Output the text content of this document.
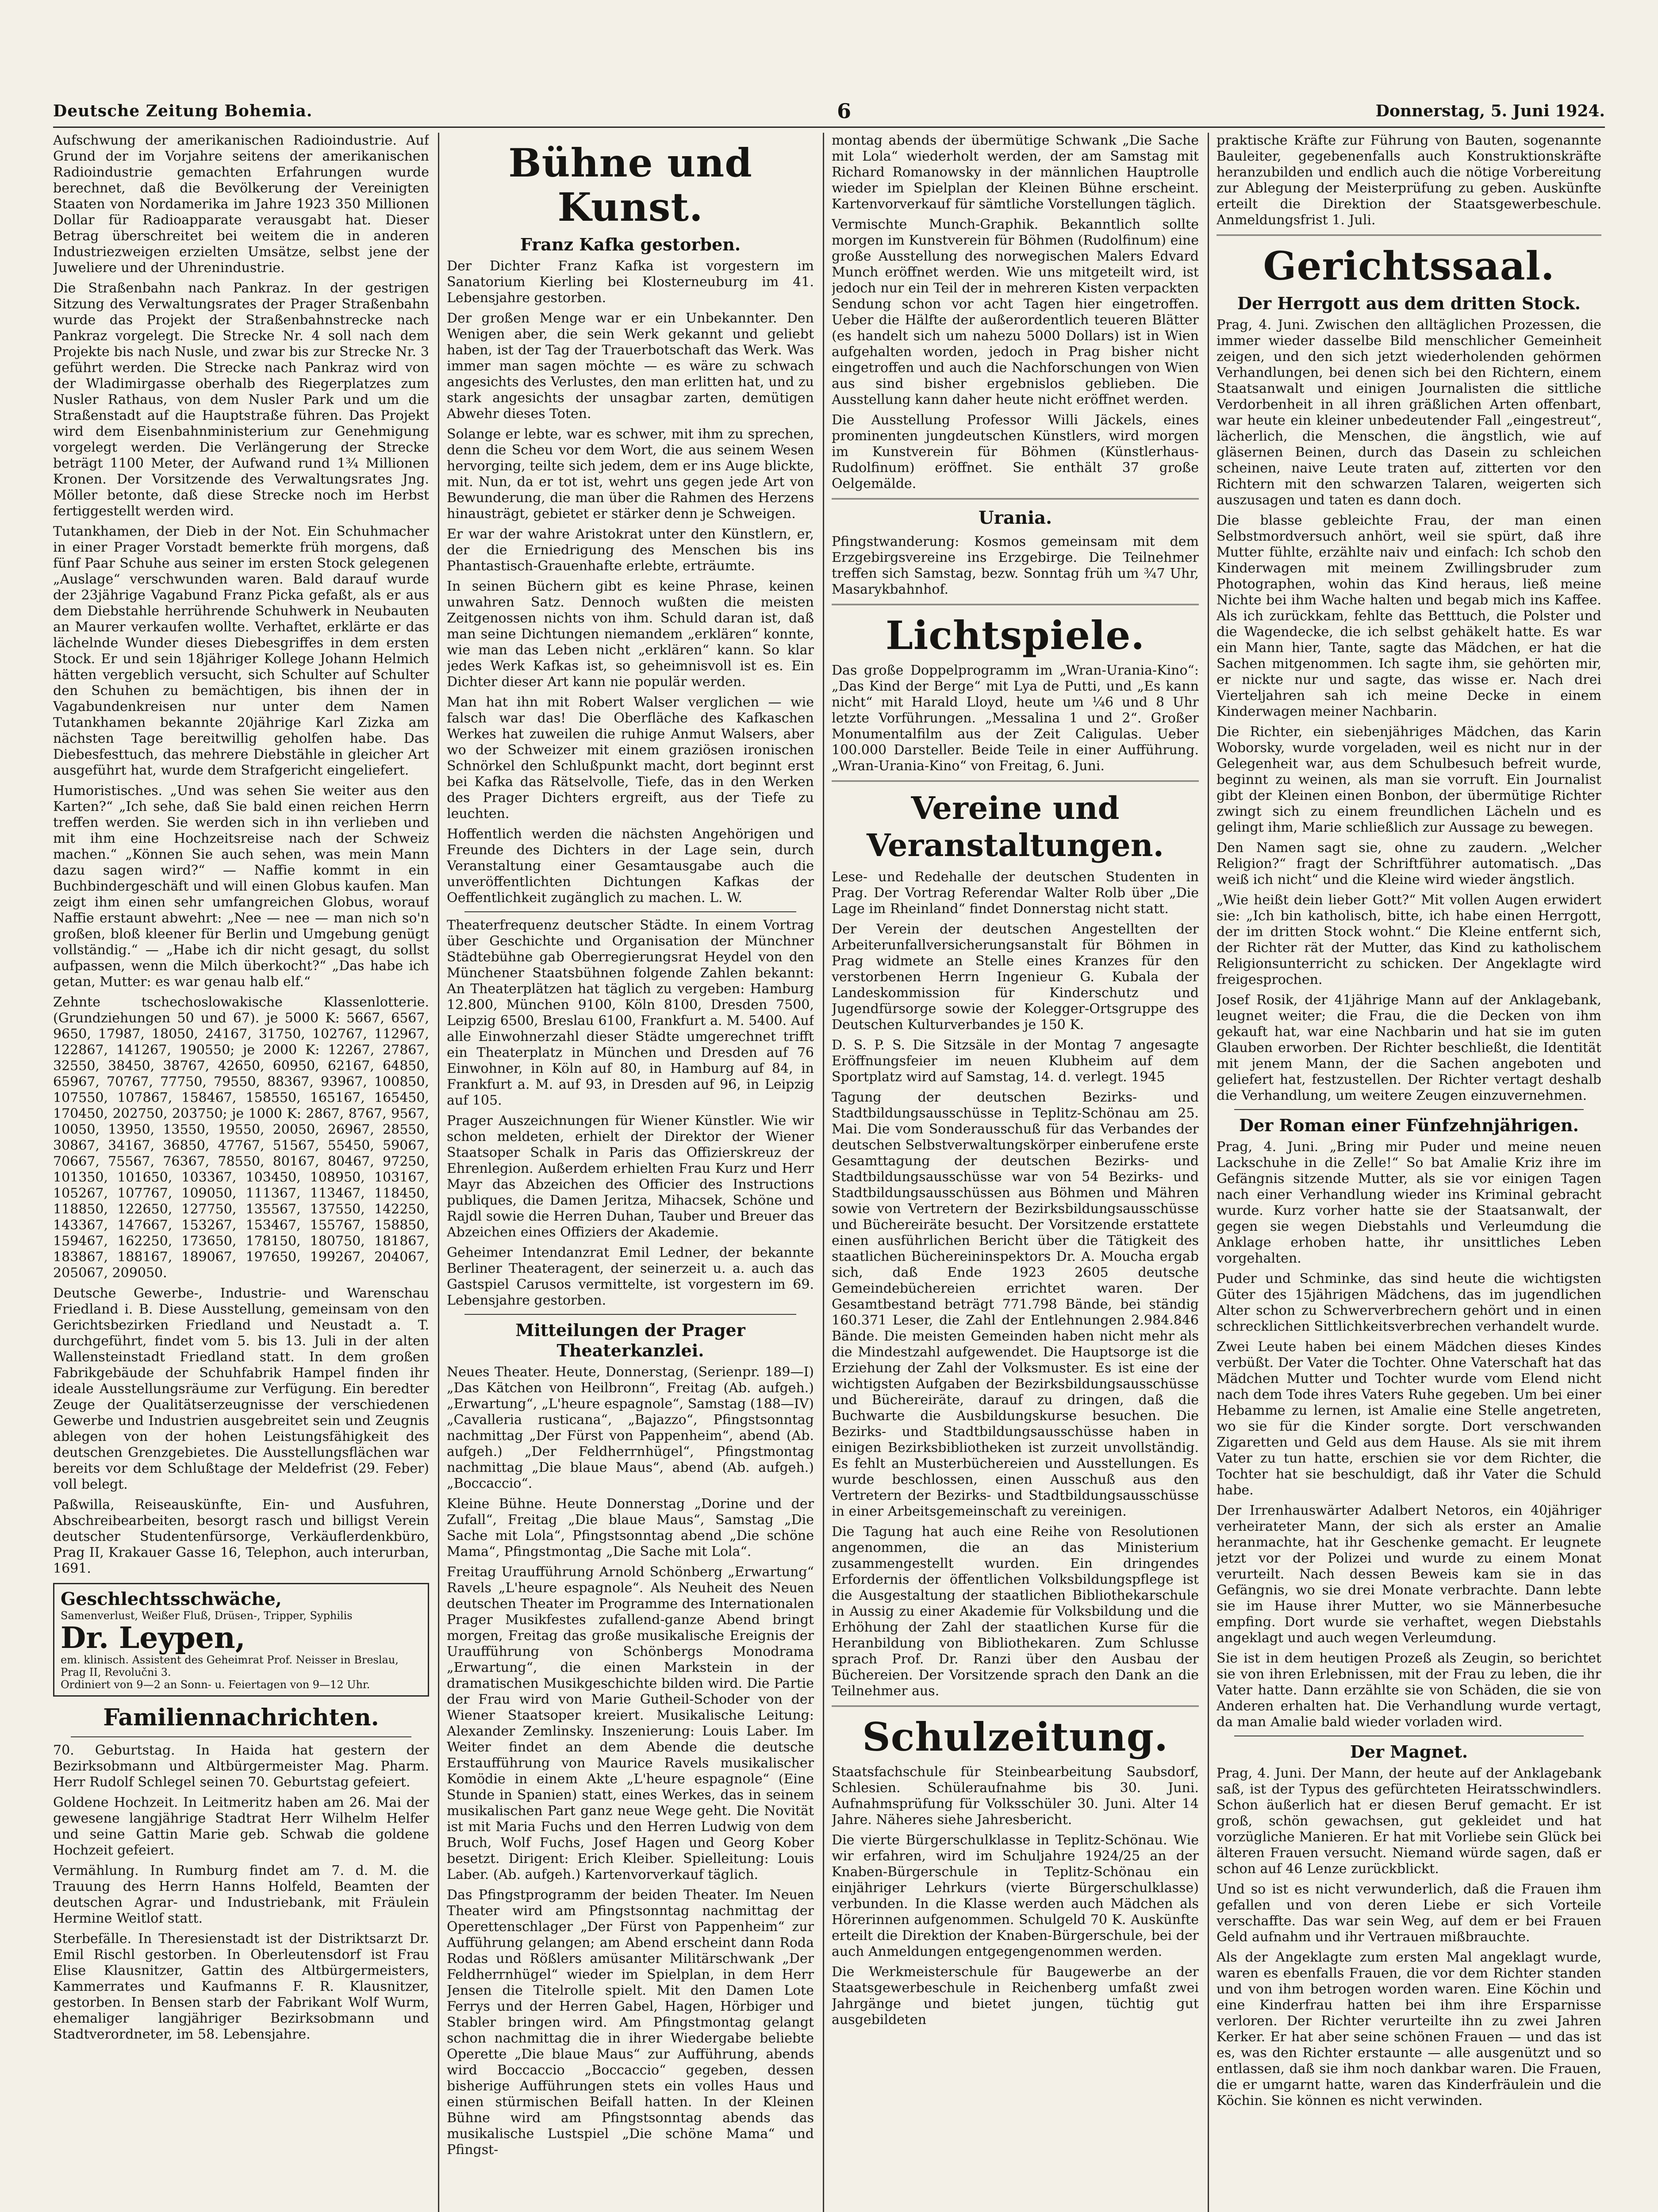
Deutsche Zeitung Bohemia.	6	Donnerstag, 5. Juni 1924.

Aufschwung der amerikanischen Radioindustrie. Auf Grund der im Vorjahre seitens der amerikanischen Radioindustrie gemachten Erfahrungen wurde berechnet, daß die Bevölkerung der Vereinigten Staaten von Nordamerika im Jahre 1923 350 Millionen Dollar für Radioapparate verausgabt hat. Dieser Betrag überschreitet bei weitem die in anderen Industriezweigen erzielten Umsätze, selbst jene der Juweliere und der Uhrenindustrie.

Die Straßenbahn nach Pankraz. In der gestrigen Sitzung des Verwaltungsrates der Prager Straßenbahn wurde das Projekt der Straßenbahnstrecke nach Pankraz vorgelegt. Die Strecke Nr. 4 soll nach dem Projekte bis nach Nusle, und zwar bis zur Strecke Nr. 3 geführt werden. Die Strecke nach Pankraz wird von der Wladimirgasse oberhalb des Riegerplatzes zum Nusler Rathaus, von dem Nusler Park und um die Straßenstadt auf die Hauptstraße führen. Das Projekt wird dem Eisenbahnministerium zur Genehmigung vorgelegt werden. Die Verlängerung der Strecke beträgt 1100 Meter, der Aufwand rund 1¾ Millionen Kronen. Der Vorsitzende des Verwaltungsrates Jng. Möller betonte, daß diese Strecke noch im Herbst fertiggestellt werden wird.

Tutankhamen, der Dieb in der Not. Ein Schuhmacher in einer Prager Vorstadt bemerkte früh morgens, daß fünf Paar Schuhe aus seiner im ersten Stock gelegenen „Auslage“ verschwunden waren. Bald darauf wurde der 23jährige Vagabund Franz Picka gefaßt, als er aus dem Diebstahle herrührende Schuhwerk in Neubauten an Maurer verkaufen wollte. Verhaftet, erklärte er das lächelnde Wunder dieses Diebesgriffes in dem ersten Stock. Er und sein 18jähriger Kollege Johann Helmich hätten vergeblich versucht, sich Schulter auf Schulter den Schuhen zu bemächtigen, bis ihnen der in Vagabundenkreisen nur unter dem Namen Tutankhamen bekannte 20jährige Karl Zizka am nächsten Tage bereitwillig geholfen habe. Das Diebesfesttuch, das mehrere Diebstähle in gleicher Art ausgeführt hat, wurde dem Strafgericht eingeliefert.

Humoristisches. „Und was sehen Sie weiter aus den Karten?“ „Ich sehe, daß Sie bald einen reichen Herrn treffen werden. Sie werden sich in ihn verlieben und mit ihm eine Hochzeitsreise nach der Schweiz machen.“ „Können Sie auch sehen, was mein Mann dazu sagen wird?“ — Naffie kommt in ein Buchbindergeschäft und will einen Globus kaufen. Man zeigt ihm einen sehr umfangreichen Globus, worauf Naffie erstaunt abwehrt: „Nee — nee — man nich so'n großen, bloß kleener für Berlin und Umgebung genügt vollständig.“ — „Habe ich dir nicht gesagt, du sollst aufpassen, wenn die Milch überkocht?“ „Das habe ich getan, Mutter: es war genau halb elf.“

Zehnte tschechoslowakische Klassenlotterie. (Grundziehungen 50 und 67). je 5000 K: 5667, 6567, 9650, 17987, 18050, 24167, 31750, 102767, 112967, 122867, 141267, 190550; je 2000 K: 12267, 27867, 32550, 38450, 38767, 42650, 60950, 62167, 64850, 65967, 70767, 77750, 79550, 88367, 93967, 100850, 107550, 107867, 158467, 158550, 165167, 165450, 170450, 202750, 203750; je 1000 K: 2867, 8767, 9567, 10050, 13950, 13550, 19550, 20050, 26967, 28550, 30867, 34167, 36850, 47767, 51567, 55450, 59067, 70667, 75567, 76367, 78550, 80167, 80467, 97250, 101350, 101650, 103367, 103450, 108950, 103167, 105267, 107767, 109050, 111367, 113467, 118450, 118850, 122650, 127750, 135567, 137550, 142250, 143367, 147667, 153267, 153467, 155767, 158850, 159467, 162250, 173650, 178150, 180750, 181867, 183867, 188167, 189067, 197650, 199267, 204067, 205067, 209050.

Deutsche Gewerbe-, Industrie- und Warenschau Friedland i. B. Diese Ausstellung, gemeinsam von den Gerichtsbezirken Friedland und Neustadt a. T. durchgeführt, findet vom 5. bis 13. Juli in der alten Wallensteinstadt Friedland statt. In dem großen Fabrikgebäude der Schuhfabrik Hampel finden ihr ideale Ausstellungsräume zur Verfügung. Ein beredter Zeuge der Qualitätserzeugnisse der verschiedenen Gewerbe und Industrien ausgebreitet sein und Zeugnis ablegen von der hohen Leistungsfähigkeit des deutschen Grenzgebietes. Die Ausstellungsflächen war bereits vor dem Schlußtage der Meldefrist (29. Feber) voll belegt.

Paßwilla, Reiseauskünfte, Ein- und Ausfuhren, Abschreibearbeiten, besorgt rasch und billigst Verein deutscher Studentenfürsorge, Verkäuflerdenkbüro, Prag II, Krakauer Gasse 16, Telephon, auch interurban, 1691.

Geschlechtsschwäche,
Samenverlust, Weißer Fluß, Drüsen-, Tripper, Syphilis
Dr. Leypen,
em. klinisch. Assistent des Geheimrat Prof. Neisser in Breslau, Prag II, Revolučni 3.
Ordiniert von 9—2 an Sonn- u. Feiertagen von 9—12 Uhr.
Familiennachrichten.

70. Geburtstag. In Haida hat gestern der Bezirksobmann und Altbürgermeister Mag. Pharm. Herr Rudolf Schlegel seinen 70. Geburtstag gefeiert.

Goldene Hochzeit. In Leitmeritz haben am 26. Mai der gewesene langjährige Stadtrat Herr Wilhelm Helfer und seine Gattin Marie geb. Schwab die goldene Hochzeit gefeiert.

Vermählung. In Rumburg findet am 7. d. M. die Trauung des Herrn Hanns Holfeld, Beamten der deutschen Agrar- und Industriebank, mit Fräulein Hermine Weitlof statt.

Sterbefälle. In Theresienstadt ist der Distriktsarzt Dr. Emil Rischl gestorben. In Oberleutensdorf ist Frau Elise Klausnitzer, Gattin des Altbürgermeisters, Kammerrates und Kaufmanns F. R. Klausnitzer, gestorben. In Bensen starb der Fabrikant Wolf Wurm, ehemaliger langjähriger Bezirksobmann und Stadtverordneter, im 58. Lebensjahre.

Bühne und Kunst.
Franz Kafka gestorben.

Der Dichter Franz Kafka ist vorgestern im Sanatorium Kierling bei Klosterneuburg im 41. Lebensjahre gestorben.

Der großen Menge war er ein Unbekannter. Den Wenigen aber, die sein Werk gekannt und geliebt haben, ist der Tag der Trauerbotschaft das Werk. Was immer man sagen möchte — es wäre zu schwach angesichts des Verlustes, den man erlitten hat, und zu stark angesichts der unsagbar zarten, demütigen Abwehr dieses Toten.

Solange er lebte, war es schwer, mit ihm zu sprechen, denn die Scheu vor dem Wort, die aus seinem Wesen hervorging, teilte sich jedem, dem er ins Auge blickte, mit. Nun, da er tot ist, wehrt uns gegen jede Art von Bewunderung, die man über die Rahmen des Herzens hinausträgt, gebietet er stärker denn je Schweigen.

Er war der wahre Aristokrat unter den Künstlern, er, der die Erniedrigung des Menschen bis ins Phantastisch-Grauenhafte erlebte, erträumte.

In seinen Büchern gibt es keine Phrase, keinen unwahren Satz. Dennoch wußten die meisten Zeitgenossen nichts von ihm. Schuld daran ist, daß man seine Dichtungen niemandem „erklären“ konnte, wie man das Leben nicht „erklären“ kann. So klar jedes Werk Kafkas ist, so geheimnisvoll ist es. Ein Dichter dieser Art kann nie populär werden.

Man hat ihn mit Robert Walser verglichen — wie falsch war das! Die Oberfläche des Kafkaschen Werkes hat zuweilen die ruhige Anmut Walsers, aber wo der Schweizer mit einem graziösen ironischen Schnörkel den Schlußpunkt macht, dort beginnt erst bei Kafka das Rätselvolle, Tiefe, das in den Werken des Prager Dichters ergreift, aus der Tiefe zu leuchten.

Hoffentlich werden die nächsten Angehörigen und Freunde des Dichters in der Lage sein, durch Veranstaltung einer Gesamtausgabe auch die unveröffentlichten Dichtungen Kafkas der Oeffentlichkeit zugänglich zu machen. L. W.

Theaterfrequenz deutscher Städte. In einem Vortrag über Geschichte und Organisation der Münchner Städtebühne gab Oberregierungsrat Heydel von den Münchener Staatsbühnen folgende Zahlen bekannt: An Theaterplätzen hat täglich zu vergeben: Hamburg 12.800, München 9100, Köln 8100, Dresden 7500, Leipzig 6500, Breslau 6100, Frankfurt a. M. 5400. Auf alle Einwohnerzahl dieser Städte umgerechnet trifft ein Theaterplatz in München und Dresden auf 76 Einwohner, in Köln auf 80, in Hamburg auf 84, in Frankfurt a. M. auf 93, in Dresden auf 96, in Leipzig auf 105.

Prager Auszeichnungen für Wiener Künstler. Wie wir schon meldeten, erhielt der Direktor der Wiener Staatsoper Schalk in Paris das Offizierskreuz der Ehrenlegion. Außerdem erhielten Frau Kurz und Herr Mayr das Abzeichen des Officier des Instructions publiques, die Damen Jeritza, Mihacsek, Schöne und Rajdl sowie die Herren Duhan, Tauber und Breuer das Abzeichen eines Offiziers der Akademie.

Geheimer Intendanzrat Emil Ledner, der bekannte Berliner Theateragent, der seinerzeit u. a. auch das Gastspiel Carusos vermittelte, ist vorgestern im 69. Lebensjahre gestorben.

Mitteilungen der Prager Theaterkanzlei.

Neues Theater. Heute, Donnerstag, (Serienpr. 189—I) „Das Kätchen von Heilbronn“, Freitag (Ab. aufgeh.) „Erwartung“, „L'heure espagnole“, Samstag (188—IV) „Cavalleria rusticana“, „Bajazzo“, Pfingstsonntag nachmittag „Der Fürst von Pappenheim“, abend (Ab. aufgeh.) „Der Feldherrnhügel“, Pfingstmontag nachmittag „Die blaue Maus“, abend (Ab. aufgeh.) „Boccaccio“.

Kleine Bühne. Heute Donnerstag „Dorine und der Zufall“, Freitag „Die blaue Maus“, Samstag „Die Sache mit Lola“, Pfingstsonntag abend „Die schöne Mama“, Pfingstmontag „Die Sache mit Lola“.

Freitag Uraufführung Arnold Schönberg „Erwartung“ Ravels „L'heure espagnole“. Als Neuheit des Neuen deutschen Theater im Programme des Internationalen Prager Musikfestes zufallend-ganze Abend bringt morgen, Freitag das große musikalische Ereignis der Uraufführung von Schönbergs Monodrama „Erwartung“, die einen Markstein in der dramatischen Musikgeschichte bilden wird. Die Partie der Frau wird von Marie Gutheil-Schoder von der Wiener Staatsoper kreiert. Musikalische Leitung: Alexander Zemlinsky. Inszenierung: Louis Laber. Im Weiter findet an dem Abende die deutsche Erstaufführung von Maurice Ravels musikalischer Komödie in einem Akte „L'heure espagnole“ (Eine Stunde in Spanien) statt, eines Werkes, das in seinem musikalischen Part ganz neue Wege geht. Die Novität ist mit Maria Fuchs und den Herren Ludwig von dem Bruch, Wolf Fuchs, Josef Hagen und Georg Kober besetzt. Dirigent: Erich Kleiber. Spielleitung: Louis Laber. (Ab. aufgeh.) Kartenvorverkauf täglich.

Das Pfingstprogramm der beiden Theater. Im Neuen Theater wird am Pfingstsonntag nachmittag der Operettenschlager „Der Fürst von Pappenheim“ zur Aufführung gelangen; am Abend erscheint dann Roda Rodas und Rößlers amüsanter Militärschwank „Der Feldherrnhügel“ wieder im Spielplan, in dem Herr Jensen die Titelrolle spielt. Mit den Damen Lote Ferrys und der Herren Gabel, Hagen, Hörbiger und Stabler bringen wird. Am Pfingstmontag gelangt schon nachmittag die in ihrer Wiedergabe beliebte Operette „Die blaue Maus“ zur Aufführung, abends wird Boccaccio „Boccaccio“ gegeben, dessen bisherige Aufführungen stets ein volles Haus und einen stürmischen Beifall hatten. In der Kleinen Bühne wird am Pfingstsonntag abends das musikalische Lustspiel „Die schöne Mama“ und Pfingst-

montag abends der übermütige Schwank „Die Sache mit Lola“ wiederholt werden, der am Samstag mit Richard Romanowsky in der männlichen Hauptrolle wieder im Spielplan der Kleinen Bühne erscheint. Kartenvorverkauf für sämtliche Vorstellungen täglich.

Vermischte Munch-Graphik. Bekanntlich sollte morgen im Kunstverein für Böhmen (Rudolfinum) eine große Ausstellung des norwegischen Malers Edvard Munch eröffnet werden. Wie uns mitgeteilt wird, ist jedoch nur ein Teil der in mehreren Kisten verpackten Sendung schon vor acht Tagen hier eingetroffen. Ueber die Hälfte der außerordentlich teueren Blätter (es handelt sich um nahezu 5000 Dollars) ist in Wien aufgehalten worden, jedoch in Prag bisher nicht eingetroffen und auch die Nachforschungen von Wien aus sind bisher ergebnislos geblieben. Die Ausstellung kann daher heute nicht eröffnet werden.

Die Ausstellung Professor Willi Jäckels, eines prominenten jungdeutschen Künstlers, wird morgen im Kunstverein für Böhmen (Künstlerhaus-Rudolfinum) eröffnet. Sie enthält 37 große Oelgemälde.

Urania.

Pfingstwanderung: Kosmos gemeinsam mit dem Erzgebirgsvereine ins Erzgebirge. Die Teilnehmer treffen sich Samstag, bezw. Sonntag früh um ¾7 Uhr, Masarykbahnhof.

Lichtspiele.

Das große Doppelprogramm im „Wran-Urania-Kino“: „Das Kind der Berge“ mit Lya de Putti, und „Es kann nicht“ mit Harald Lloyd, heute um ¼6 und 8 Uhr letzte Vorführungen. „Messalina 1 und 2“. Großer Monumentalfilm aus der Zeit Caligulas. Ueber 100.000 Darsteller. Beide Teile in einer Aufführung. „Wran-Urania-Kino“ von Freitag, 6. Juni.

Vereine und Veranstaltungen.

Lese- und Redehalle der deutschen Studenten in Prag. Der Vortrag Referendar Walter Rolb über „Die Lage im Rheinland“ findet Donnerstag nicht statt.

Der Verein der deutschen Angestellten der Arbeiterunfallversicherungsanstalt für Böhmen in Prag widmete an Stelle eines Kranzes für den verstorbenen Herrn Ingenieur G. Kubala der Landeskommission für Kinderschutz und Jugendfürsorge sowie der Kolegger-Ortsgruppe des Deutschen Kulturverbandes je 150 K.

D. S. P. S. Die Sitzsäle in der Montag 7 angesagte Eröffnungsfeier im neuen Klubheim auf dem Sportplatz wird auf Samstag, 14. d. verlegt. 1945

Tagung der deutschen Bezirks- und Stadtbildungsausschüsse in Teplitz-Schönau am 25. Mai. Die vom Sonderausschuß für das Verbandes der deutschen Selbstverwaltungskörper einberufene erste Gesamttagung der deutschen Bezirks- und Stadtbildungsausschüsse war von 54 Bezirks- und Stadtbildungsausschüssen aus Böhmen und Mähren sowie von Vertretern der Bezirksbildungsausschüsse und Büchereiräte besucht. Der Vorsitzende erstattete einen ausführlichen Bericht über die Tätigkeit des staatlichen Büchereininspektors Dr. A. Moucha ergab sich, daß Ende 1923 2605 deutsche Gemeindebüchereien errichtet waren. Der Gesamtbestand beträgt 771.798 Bände, bei ständig 160.371 Leser, die Zahl der Entlehnungen 2.984.846 Bände. Die meisten Gemeinden haben nicht mehr als die Mindestzahl aufgewendet. Die Hauptsorge ist die Erziehung der Zahl der Volksmuster. Es ist eine der wichtigsten Aufgaben der Bezirksbildungsausschüsse und Büchereiräte, darauf zu dringen, daß die Buchwarte die Ausbildungskurse besuchen. Die Bezirks- und Stadtbildungsausschüsse haben in einigen Bezirksbibliotheken ist zurzeit unvollständig. Es fehlt an Musterbüchereien und Ausstellungen. Es wurde beschlossen, einen Ausschuß aus den Vertretern der Bezirks- und Stadtbildungsausschüsse in einer Arbeitsgemeinschaft zu vereinigen.

Die Tagung hat auch eine Reihe von Resolutionen angenommen, die an das Ministerium zusammengestellt wurden. Ein dringendes Erfordernis der öffentlichen Volksbildungspflege ist die Ausgestaltung der staatlichen Bibliothekarschule in Aussig zu einer Akademie für Volksbildung und die Erhöhung der Zahl der staatlichen Kurse für die Heranbildung von Bibliothekaren. Zum Schlusse sprach Prof. Dr. Ranzi über den Ausbau der Büchereien. Der Vorsitzende sprach den Dank an die Teilnehmer aus.

Schulzeitung.

Staatsfachschule für Steinbearbeitung Saubsdorf, Schlesien. Schüleraufnahme bis 30. Juni. Aufnahmsprüfung für Volksschüler 30. Juni. Alter 14 Jahre. Näheres siehe Jahresbericht.

Die vierte Bürgerschulklasse in Teplitz-Schönau. Wie wir erfahren, wird im Schuljahre 1924/25 an der Knaben-Bürgerschule in Teplitz-Schönau ein einjähriger Lehrkurs (vierte Bürgerschulklasse) verbunden. In die Klasse werden auch Mädchen als Hörerinnen aufgenommen. Schulgeld 70 K. Auskünfte erteilt die Direktion der Knaben-Bürgerschule, bei der auch Anmeldungen entgegengenommen werden.

Die Werkmeisterschule für Baugewerbe an der Staatsgewerbeschule in Reichenberg umfaßt zwei Jahrgänge und bietet jungen, tüchtig gut ausgebildeten

praktische Kräfte zur Führung von Bauten, sogenannte Bauleiter, gegebenenfalls auch Konstruktionskräfte heranzubilden und endlich auch die nötige Vorbereitung zur Ablegung der Meisterprüfung zu geben. Auskünfte erteilt die Direktion der Staatsgewerbeschule. Anmeldungsfrist 1. Juli.

Gerichtssaal.
Der Herrgott aus dem dritten Stock.

Prag, 4. Juni. Zwischen den alltäglichen Prozessen, die immer wieder dasselbe Bild menschlicher Gemeinheit zeigen, und den sich jetzt wiederholenden gehörmen Verhandlungen, bei denen sich bei den Richtern, einem Staatsanwalt und einigen Journalisten die sittliche Verdorbenheit in all ihren gräßlichen Arten offenbart, war heute ein kleiner unbedeutender Fall „eingestreut“, lächerlich, die Menschen, die ängstlich, wie auf gläsernen Beinen, durch das Dasein zu schleichen scheinen, naive Leute traten auf, zitterten vor den Richtern mit den schwarzen Talaren, weigerten sich auszusagen und taten es dann doch.

Die blasse gebleichte Frau, der man einen Selbstmordversuch anhört, weil sie spürt, daß ihre Mutter fühlte, erzählte naiv und einfach: Ich schob den Kinderwagen mit meinem Zwillingsbruder zum Photographen, wohin das Kind heraus, ließ meine Nichte bei ihm Wache halten und begab mich ins Kaffee. Als ich zurückkam, fehlte das Betttuch, die Polster und die Wagendecke, die ich selbst gehäkelt hatte. Es war ein Mann hier, Tante, sagte das Mädchen, er hat die Sachen mitgenommen. Ich sagte ihm, sie gehörten mir, er nickte nur und sagte, das wisse er. Nach drei Vierteljahren sah ich meine Decke in einem Kinderwagen meiner Nachbarin.

Die Richter, ein siebenjähriges Mädchen, das Karin Woborsky, wurde vorgeladen, weil es nicht nur in der Gelegenheit war, aus dem Schulbesuch befreit wurde, beginnt zu weinen, als man sie vorruft. Ein Journalist gibt der Kleinen einen Bonbon, der übermütige Richter zwingt sich zu einem freundlichen Lächeln und es gelingt ihm, Marie schließlich zur Aussage zu bewegen.

Den Namen sagt sie, ohne zu zaudern. „Welcher Religion?“ fragt der Schriftführer automatisch. „Das weiß ich nicht“ und die Kleine wird wieder ängstlich.

„Wie heißt dein lieber Gott?“ Mit vollen Augen erwidert sie: „Ich bin katholisch, bitte, ich habe einen Herrgott, der im dritten Stock wohnt.“ Die Kleine entfernt sich, der Richter rät der Mutter, das Kind zu katholischem Religionsunterricht zu schicken. Der Angeklagte wird freigesprochen.

Josef Rosik, der 41jährige Mann auf der Anklagebank, leugnet weiter; die Frau, die die Decken von ihm gekauft hat, war eine Nachbarin und hat sie im guten Glauben erworben. Der Richter beschließt, die Identität mit jenem Mann, der die Sachen angeboten und geliefert hat, festzustellen. Der Richter vertagt deshalb die Verhandlung, um weitere Zeugen einzuvernehmen.

Der Roman einer Fünfzehnjährigen.

Prag, 4. Juni. „Bring mir Puder und meine neuen Lackschuhe in die Zelle!“ So bat Amalie Kriz ihre im Gefängnis sitzende Mutter, als sie vor einigen Tagen nach einer Verhandlung wieder ins Kriminal gebracht wurde. Kurz vorher hatte sie der Staatsanwalt, der gegen sie wegen Diebstahls und Verleumdung die Anklage erhoben hatte, ihr unsittliches Leben vorgehalten.

Puder und Schminke, das sind heute die wichtigsten Güter des 15jährigen Mädchens, das im jugendlichen Alter schon zu Schwerverbrechern gehört und in einen schrecklichen Sittlichkeitsverbrechen verhandelt wurde.

Zwei Leute haben bei einem Mädchen dieses Kindes verbüßt. Der Vater die Tochter. Ohne Vaterschaft hat das Mädchen Mutter und Tochter wurde vom Elend nicht nach dem Tode ihres Vaters Ruhe gegeben. Um bei einer Hebamme zu lernen, ist Amalie eine Stelle angetreten, wo sie für die Kinder sorgte. Dort verschwanden Zigaretten und Geld aus dem Hause. Als sie mit ihrem Vater zu tun hatte, erschien sie vor dem Richter, die Tochter hat sie beschuldigt, daß ihr Vater die Schuld habe.

Der Irrenhauswärter Adalbert Netoros, ein 40jähriger verheirateter Mann, der sich als erster an Amalie heranmachte, hat ihr Geschenke gemacht. Er leugnete jetzt vor der Polizei und wurde zu einem Monat verurteilt. Nach dessen Beweis kam sie in das Gefängnis, wo sie drei Monate verbrachte. Dann lebte sie im Hause ihrer Mutter, wo sie Männerbesuche empfing. Dort wurde sie verhaftet, wegen Diebstahls angeklagt und auch wegen Verleumdung.

Sie ist in dem heutigen Prozeß als Zeugin, so berichtet sie von ihren Erlebnissen, mit der Frau zu leben, die ihr Vater hatte. Dann erzählte sie von Schäden, die sie von Anderen erhalten hat. Die Verhandlung wurde vertagt, da man Amalie bald wieder vorladen wird.

Der Magnet.

Prag, 4. Juni. Der Mann, der heute auf der Anklagebank saß, ist der Typus des gefürchteten Heiratsschwindlers. Schon äußerlich hat er diesen Beruf gemacht. Er ist groß, schön gewachsen, gut gekleidet und hat vorzügliche Manieren. Er hat mit Vorliebe sein Glück bei älteren Frauen versucht. Niemand würde sagen, daß er schon auf 46 Lenze zurückblickt.

Und so ist es nicht verwunderlich, daß die Frauen ihm gefallen und von deren Liebe er sich Vorteile verschaffte. Das war sein Weg, auf dem er bei Frauen Geld aufnahm und ihr Vertrauen mißbrauchte.

Als der Angeklagte zum ersten Mal angeklagt wurde, waren es ebenfalls Frauen, die vor dem Richter standen und von ihm betrogen worden waren. Eine Köchin und eine Kinderfrau hatten bei ihm ihre Ersparnisse verloren. Der Richter verurteilte ihn zu zwei Jahren Kerker. Er hat aber seine schönen Frauen — und das ist es, was den Richter erstaunte — alle ausgenützt und so entlassen, daß sie ihm noch dankbar waren. Die Frauen, die er umgarnt hatte, waren das Kinderfräulein und die Köchin. Sie können es nicht verwinden.
